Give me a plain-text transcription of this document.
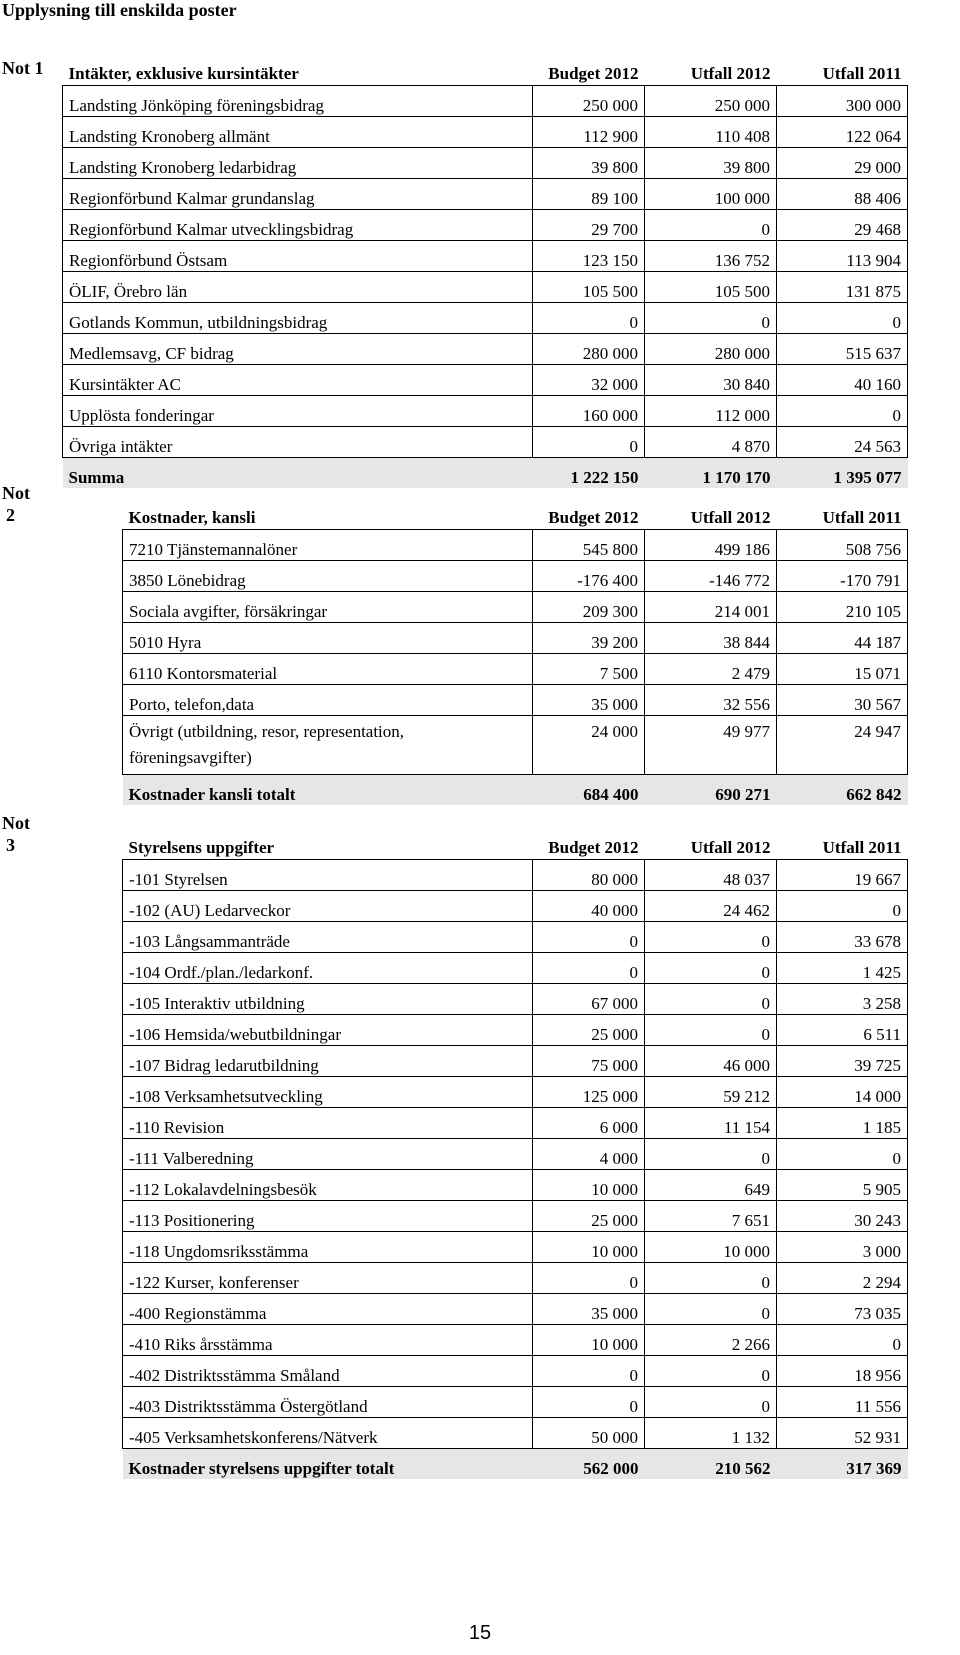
Upplysning till enskilda poster
Not 1 Intäkter, exklusive kursintäkter	Budget 2012	Utfall 2012	Utfall 2011
Landsting Jönköping föreningsbidrag	250 000	250 000	300 000
Landsting Kronoberg allmänt	112 900	110 408	122 064
Landsting Kronoberg ledarbidrag	39 800	39 800	29 000
Regionförbund Kalmar grundanslag	89 100	100 000	88 406
Regionförbund Kalmar utvecklingsbidrag	29 700	0	29 468
Regionförbund Östsam	123 150	136 752	113 904
ÖLIF, Örebro län	105 500	105 500	131 875
Gotlands Kommun, utbildningsbidrag	0	0	0
Medlemsavg, CF bidrag	280 000	280 000	515 637
Kursintäkter AC	32 000	30 840	40 160
Upplösta fonderingar	160 000	112 000	0
Övriga intäkter	0	4 870	24 563
Summa	1 222 150	1 170 170	1 395 077
Not
2	Kostnader, kansli	Budget 2012	Utfall 2012	Utfall 2011
7210 Tjänstemannalöner	545 800	499 186	508 756
3850 Lönebidrag	-176 400	-146 772	-170 791
Sociala avgifter, försäkringar	209 300	214 001	210 105
5010 Hyra	39 200	38 844	44 187
6110 Kontorsmaterial	7 500	2 479	15 071
Porto, telefon,data	35 000	32 556	30 567

Övrigt (utbildning, resor, representation,
föreningsavgifter)	24 000	49 977	24 947
Kostnader kansli totalt	684 400	690 271	662 842
Not
3	Styrelsens uppgifter	Budget 2012	Utfall 2012	Utfall 2011
-101 Styrelsen	80 000	48 037	19 667
-102 (AU) Ledarveckor	40 000	24 462	0
-103 Långsammanträde	0	0	33 678
-104 Ordf./plan./ledarkonf.	0	0	1 425
-105 Interaktiv utbildning	67 000	0	3 258
-106 Hemsida/webutbildningar	25 000	0	6 511
-107 Bidrag ledarutbildning	75 000	46 000	39 725
-108 Verksamhetsutveckling	125 000	59 212	14 000
-110 Revision	6 000	11 154	1 185
-111 Valberedning	4 000	0	0
-112 Lokalavdelningsbesök	10 000	649	5 905
-113 Positionering	25 000	7 651	30 243
-118 Ungdomsriksstämma	10 000	10 000	3 000
-122 Kurser, konferenser	0	0	2 294
-400 Regionstämma	35 000	0	73 035
-410 Riks årsstämma	10 000	2 266	0
-402 Distriktsstämma Småland	0	0	18 956
-403 Distriktsstämma Östergötland	0	0	11 556
-405 Verksamhetskonferens/Nätverk	50 000	1 132	52 931
Kostnader styrelsens uppgifter totalt	562 000	210 562	317 369
15
